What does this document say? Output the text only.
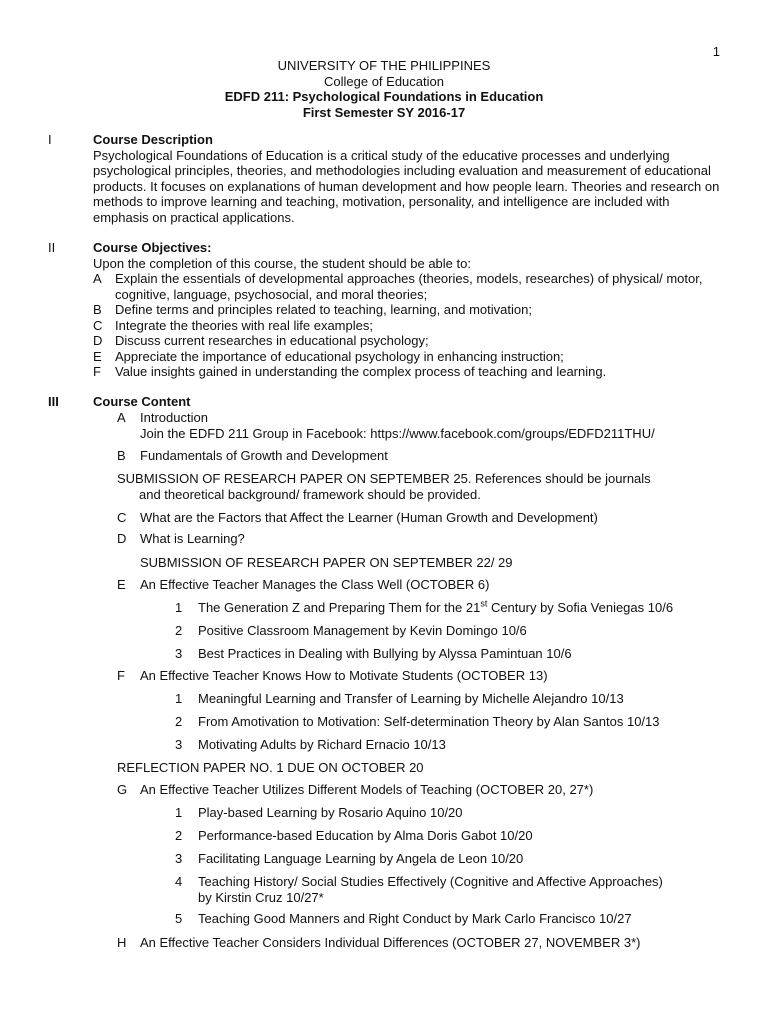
1
UNIVERSITY OF THE PHILIPPINES
College of Education
EDFD 211: Psychological Foundations in Education
First Semester SY 2016-17
I	Course Description
Psychological Foundations of Education is a critical study of the educative processes and underlying psychological principles, theories, and methodologies including evaluation and measurement of educational products. It focuses on explanations of human development and how people learn. Theories and research on methods to improve learning and teaching, motivation, personality, and intelligence are included with emphasis on practical applications.
II	Course Objectives:
Upon the completion of this course, the student should be able to:
A Explain the essentials of developmental approaches (theories, models, researches) of physical/ motor, cognitive, language, psychosocial, and moral theories;
B Define terms and principles related to teaching, learning, and motivation;
C Integrate the theories with real life examples;
D Discuss current researches in educational psychology;
E Appreciate the importance of educational psychology in enhancing instruction;
F Value insights gained in understanding the complex process of teaching and learning.
III	Course Content
A Introduction
Join the EDFD 211 Group in Facebook: https://www.facebook.com/groups/EDFD211THU/
B Fundamentals of Growth and Development
SUBMISSION OF RESEARCH PAPER ON SEPTEMBER 25. References should be journals
and theoretical background/ framework should be provided.
C What are the Factors that Affect the Learner (Human Growth and Development)
D What is Learning?
SUBMISSION OF RESEARCH PAPER ON SEPTEMBER 22/ 29
E An Effective Teacher Manages the Class Well (OCTOBER 6)
1 The Generation Z and Preparing Them for the 21st Century by Sofia Veniegas 10/6
2 Positive Classroom Management by Kevin Domingo 10/6
3 Best Practices in Dealing with Bullying by Alyssa Pamintuan 10/6
F An Effective Teacher Knows How to Motivate Students (OCTOBER 13)
1 Meaningful Learning and Transfer of Learning by Michelle Alejandro 10/13
2 From Amotivation to Motivation: Self-determination Theory by Alan Santos 10/13
3 Motivating Adults by Richard Ernacio 10/13
REFLECTION PAPER NO. 1 DUE ON OCTOBER 20
G An Effective Teacher Utilizes Different Models of Teaching (OCTOBER 20, 27*)
1 Play-based Learning by Rosario Aquino 10/20
2 Performance-based Education by Alma Doris Gabot 10/20
3 Facilitating Language Learning by Angela de Leon 10/20
4 Teaching History/ Social Studies Effectively (Cognitive and Affective Approaches)
by Kirstin Cruz 10/27*
5 Teaching Good Manners and Right Conduct by Mark Carlo Francisco 10/27
H An Effective Teacher Considers Individual Differences (OCTOBER 27, NOVEMBER 3*)
